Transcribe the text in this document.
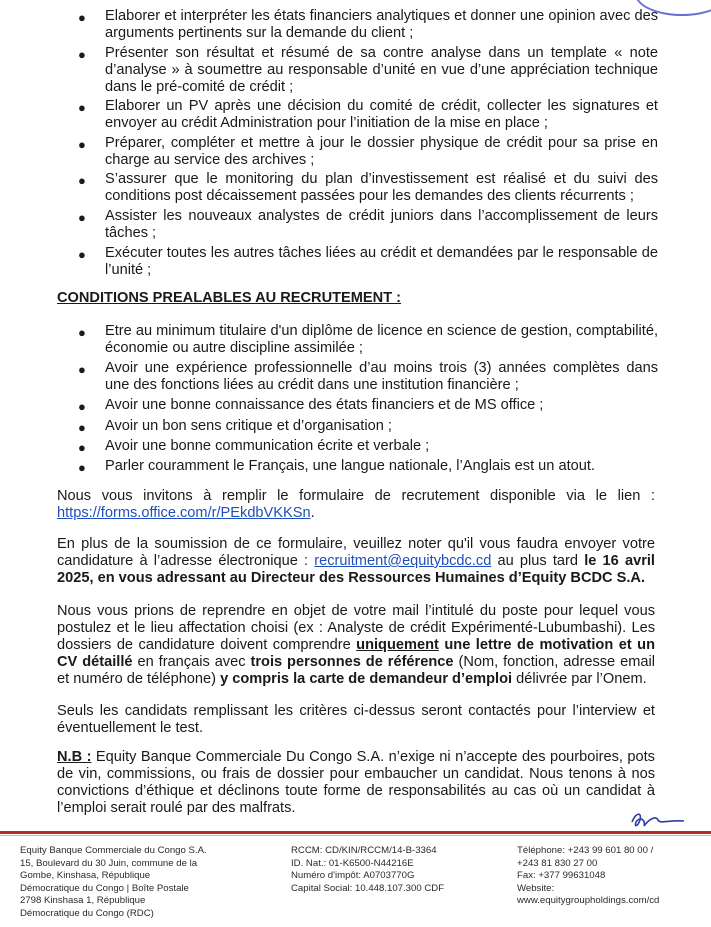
● Elaborer et interpréter les états financiers analytiques et donner une opinion avec des arguments pertinents sur la demande du client ;
● Présenter son résultat et résumé de sa contre analyse dans un template « note d’analyse » à soumettre au responsable d’unité en vue d’une appréciation technique dans le pré-comité de crédit ;
● Elaborer un PV après une décision du comité de crédit, collecter les signatures et envoyer au crédit Administration pour l’initiation de la mise en place ;
● Préparer, compléter et mettre à jour le dossier physique de crédit pour sa prise en charge au service des archives ;
● S’assurer que le monitoring du plan d’investissement est réalisé et du suivi des conditions post décaissement passées pour les demandes des clients récurrents ;
● Assister les nouveaux analystes de crédit juniors dans l’accomplissement de leurs tâches ;
● Exécuter toutes les autres tâches liées au crédit et demandées par le responsable de l’unité ;
CONDITIONS PREALABLES AU RECRUTEMENT :
● Etre au minimum titulaire d'un diplôme de licence en science de gestion, comptabilité, économie ou autre discipline assimilée ;
● Avoir une expérience professionnelle d’au moins trois (3) années complètes dans une des fonctions liées au crédit dans une institution financière ;
● Avoir une bonne connaissance des états financiers et de MS office ;
● Avoir un bon sens critique et d’organisation ;
● Avoir une bonne communication écrite et verbale ;
● Parler couramment le Français, une langue nationale, l’Anglais est un atout.
Nous vous invitons à remplir le formulaire de recrutement disponible via le lien : https://forms.office.com/r/PEkdbVKKSn.
En plus de la soumission de ce formulaire, veuillez noter qu'il vous faudra envoyer votre candidature à l’adresse électronique : recruitment@equitybcdc.cd au plus tard le 16 avril 2025, en vous adressant au Directeur des Ressources Humaines d’Equity BCDC S.A.
Nous vous prions de reprendre en objet de votre mail l’intitulé du poste pour lequel vous postulez et le lieu affectation choisi (ex : Analyste de crédit Expérimenté-Lubumbashi). Les dossiers de candidature doivent comprendre uniquement une lettre de motivation et un CV détaillé en français avec trois personnes de référence (Nom, fonction, adresse email et numéro de téléphone) y compris la carte de demandeur d’emploi délivrée par l’Onem.
Seuls les candidats remplissant les critères ci-dessus seront contactés pour l’interview et éventuellement le test.
N.B : Equity Banque Commerciale Du Congo S.A. n’exige ni n’accepte des pourboires, pots de vin, commissions, ou frais de dossier pour embaucher un candidat. Nous tenons à nos convictions d’éthique et déclinons toute forme de responsabilités au cas où un candidat à l’emploi serait roulé par des malfrats.
Equity Banque Commerciale du Congo S.A.
15, Boulevard du 30 Juin, commune de la
Gombe, Kinshasa, République
Démocratique du Congo | Boîte Postale
2798 Kinshasa 1, République
Démocratique du Congo (RDC)
RCCM: CD/KIN/RCCM/14-B-3364
ID. Nat.: 01-K6500-N44216E
Numéro d'impôt: A0703770G
Capital Social: 10.448.107.300 CDF
Téléphone: +243 99 601 80 00 /
+243 81 830 27 00
Fax: +377 99631048
Website:
www.equitygroupholdings.com/cd
